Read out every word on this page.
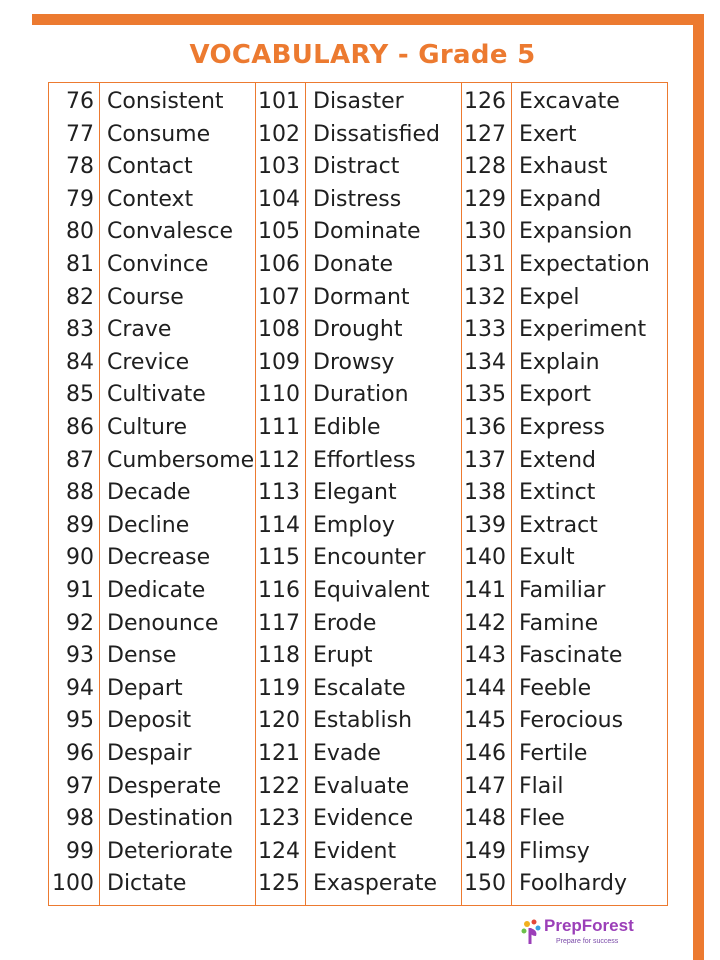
VOCABULARY - Grade 5
76 Consistent
77 Consume
78 Contact
79 Context
80 Convalesce
81 Convince
82 Course
83 Crave
84 Crevice
85 Cultivate
86 Culture
87 Cumbersome
88 Decade
89 Decline
90 Decrease
91 Dedicate
92 Denounce
93 Dense
94 Depart
95 Deposit
96 Despair
97 Desperate
98 Destination
99 Deteriorate
100 Dictate
101 Disaster
102 Dissatisfied
103 Distract
104 Distress
105 Dominate
106 Donate
107 Dormant
108 Drought
109 Drowsy
110 Duration
111 Edible
112 Effortless
113 Elegant
114 Employ
115 Encounter
116 Equivalent
117 Erode
118 Erupt
119 Escalate
120 Establish
121 Evade
122 Evaluate
123 Evidence
124 Evident
125 Exasperate
126 Excavate
127 Exert
128 Exhaust
129 Expand
130 Expansion
131 Expectation
132 Expel
133 Experiment
134 Explain
135 Export
136 Express
137 Extend
138 Extinct
139 Extract
140 Exult
141 Familiar
142 Famine
143 Fascinate
144 Feeble
145 Ferocious
146 Fertile
147 Flail
148 Flee
149 Flimsy
150 Foolhardy
PrepForest
Prepare for success
